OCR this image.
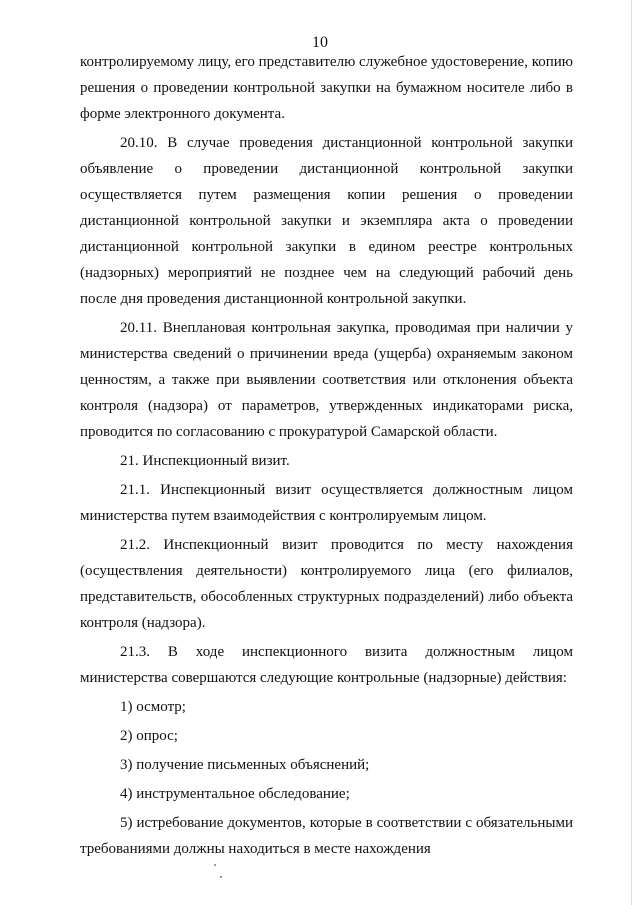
10

контролируемому лицу, его представителю служебное удостоверение, копию решения о проведении контрольной закупки на бумажном носителе либо в форме электронного документа.

20.10. В случае проведения дистанционной контрольной закупки объявление о проведении дистанционной контрольной закупки осуществляется путем размещения копии решения о проведении дистанционной контрольной закупки и экземпляра акта о проведении дистанционной контрольной закупки в едином реестре контрольных (надзорных) мероприятий не позднее чем на следующий рабочий день после дня проведения дистанционной контрольной закупки.

20.11. Внеплановая контрольная закупка, проводимая при наличии у министерства сведений о причинении вреда (ущерба) охраняемым законом ценностям, а также при выявлении соответствия или отклонения объекта контроля (надзора) от параметров, утвержденных индикаторами риска, проводится по согласованию с прокуратурой Самарской области.

21. Инспекционный визит.

21.1. Инспекционный визит осуществляется должностным лицом министерства путем взаимодействия с контролируемым лицом.

21.2. Инспекционный визит проводится по месту нахождения (осуществления деятельности) контролируемого лица (его филиалов, представительств, обособленных структурных подразделений) либо объекта контроля (надзора).

21.3. В ходе инспекционного визита должностным лицом министерства совершаются следующие контрольные (надзорные) действия:

1) осмотр;

2) опрос;

3) получение письменных объяснений;

4) инструментальное обследование;

5) истребование документов, которые в соответствии с обязательными требованиями должны находиться в месте нахождения
